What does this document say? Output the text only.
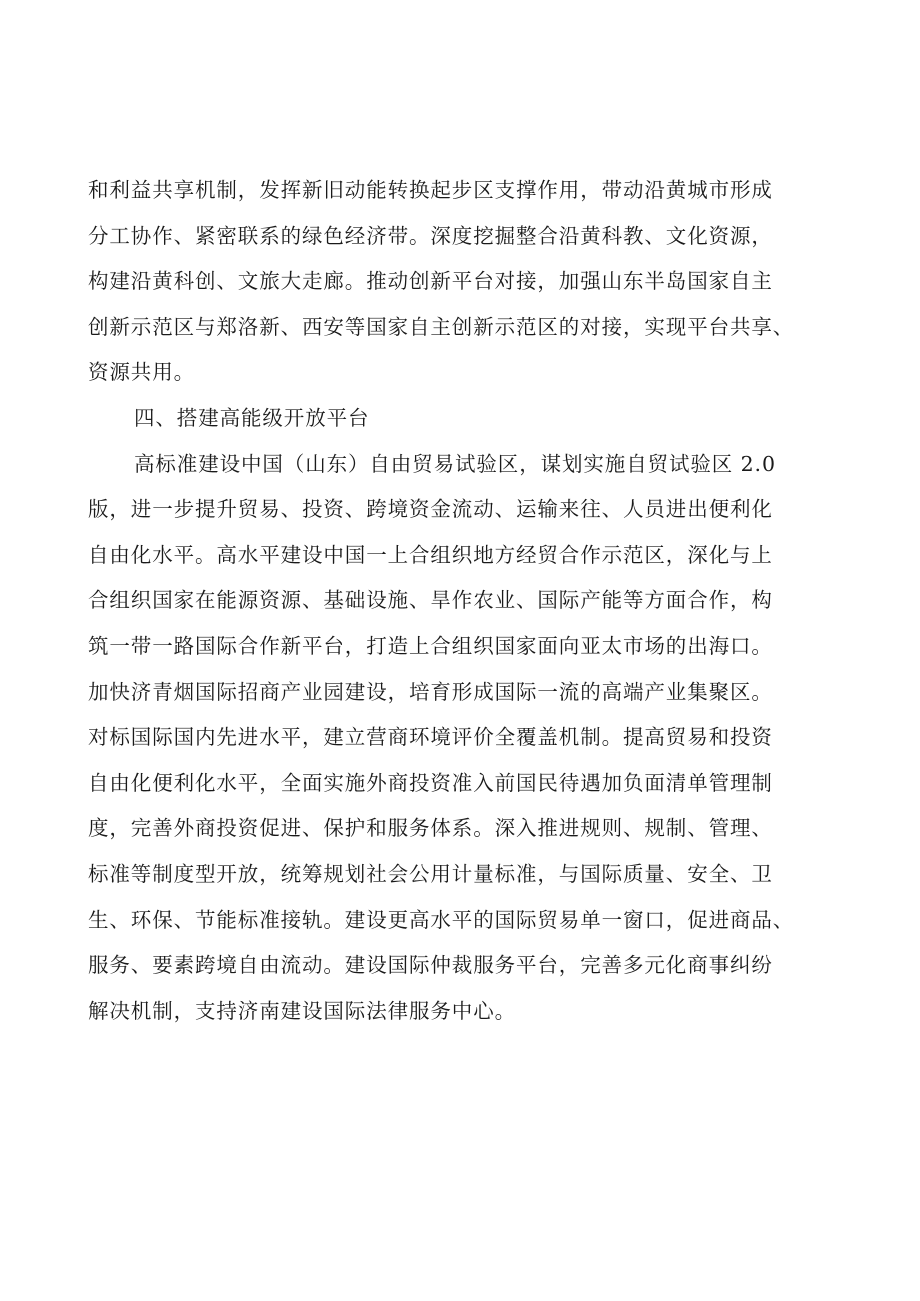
和利益共享机制，发挥新旧动能转换起步区支撑作用，带动沿黄城市形成
分工协作、紧密联系的绿色经济带。深度挖掘整合沿黄科教、文化资源，
构建沿黄科创、文旅大走廊。推动创新平台对接，加强山东半岛国家自主
创新示范区与郑洛新、西安等国家自主创新示范区的对接，实现平台共享、
资源共用。
四、搭建高能级开放平台
高标准建设中国（山东）自由贸易试验区，谋划实施自贸试验区 2.0
版，进一步提升贸易、投资、跨境资金流动、运输来往、人员进出便利化
自由化水平。高水平建设中国一上合组织地方经贸合作示范区，深化与上
合组织国家在能源资源、基础设施、旱作农业、国际产能等方面合作，构
筑一带一路国际合作新平台，打造上合组织国家面向亚太市场的出海口。
加快济青烟国际招商产业园建设，培育形成国际一流的高端产业集聚区。
对标国际国内先进水平，建立营商环境评价全覆盖机制。提高贸易和投资
自由化便利化水平，全面实施外商投资准入前国民待遇加负面清单管理制
度，完善外商投资促进、保护和服务体系。深入推进规则、规制、管理、
标准等制度型开放，统筹规划社会公用计量标准，与国际质量、安全、卫
生、环保、节能标准接轨。建设更高水平的国际贸易单一窗口，促进商品、
服务、要素跨境自由流动。建设国际仲裁服务平台，完善多元化商事纠纷
解决机制，支持济南建设国际法律服务中心。
